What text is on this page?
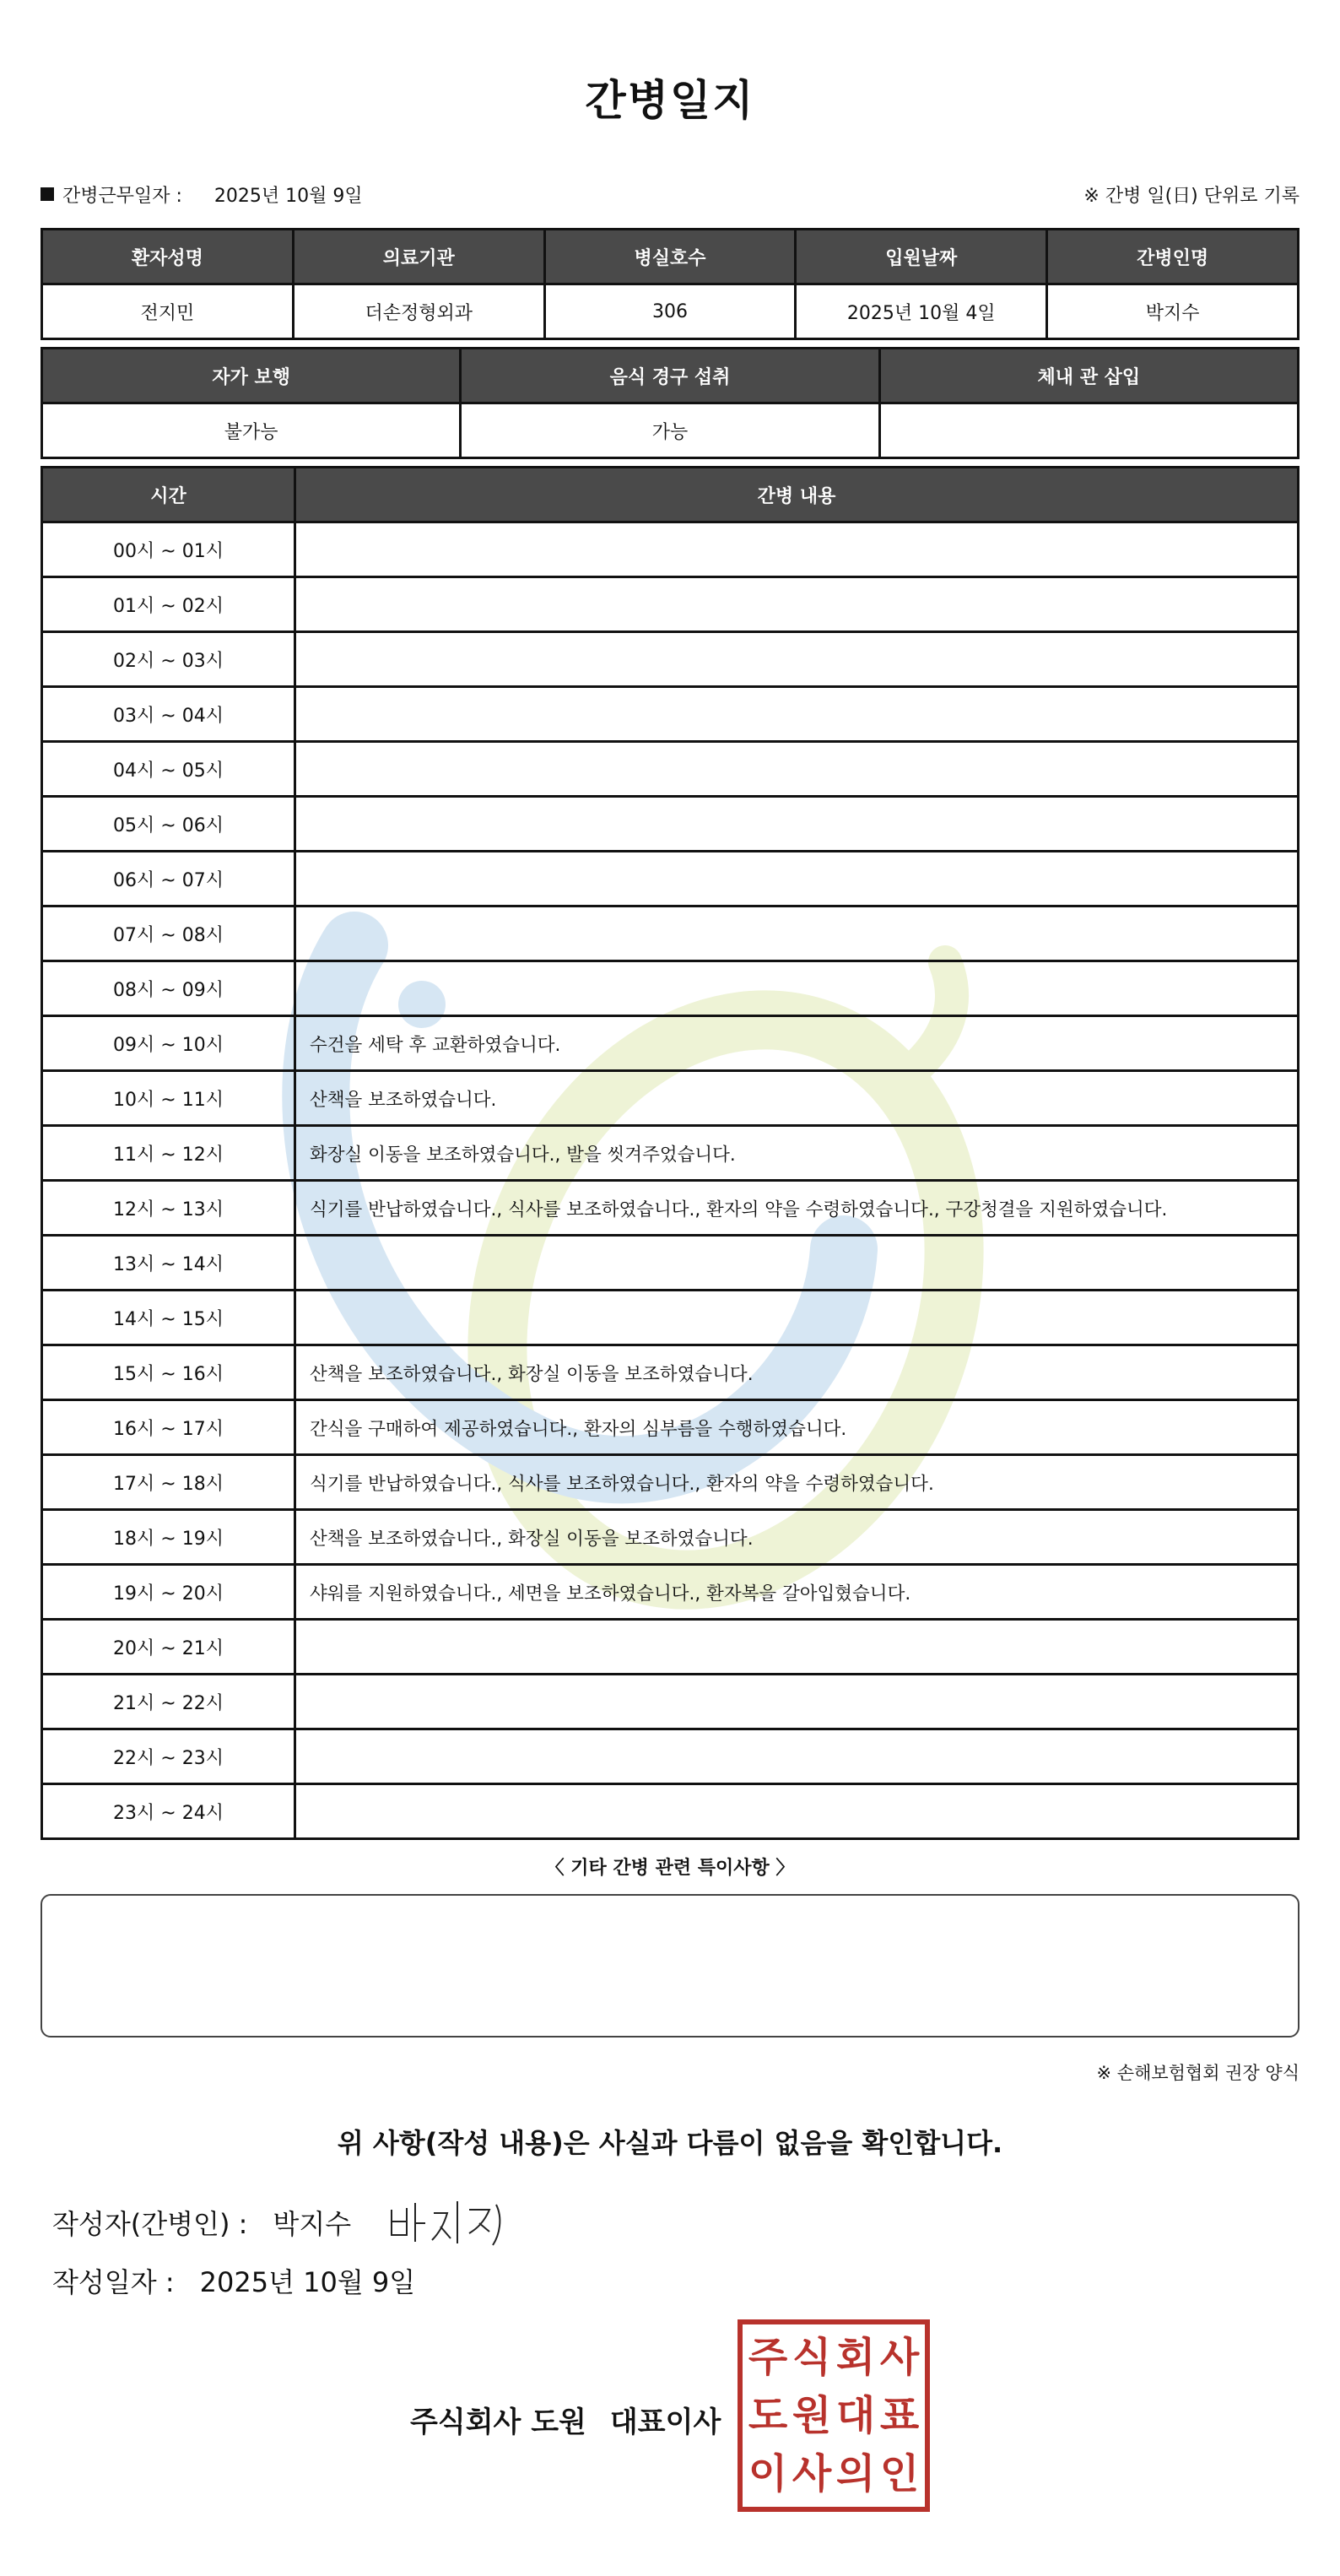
간병일지
간병근무일자 : 2025년 10월 9일	※ 간병 일(日) 단위로 기록
환자성명	의료기관	병실호수	입원날짜	간병인명
전지민	더손정형외과	306	2025년 10월 4일	박지수
자가 보행	음식 경구 섭취	체내 관 삽입
불가능	가능	
시간	간병 내용
00시 ~ 01시	
01시 ~ 02시	
02시 ~ 03시	
03시 ~ 04시	
04시 ~ 05시	
05시 ~ 06시	
06시 ~ 07시	
07시 ~ 08시	
08시 ~ 09시	
09시 ~ 10시	수건을 세탁 후 교환하였습니다.
10시 ~ 11시	산책을 보조하였습니다.
11시 ~ 12시	화장실 이동을 보조하였습니다., 발을 씻겨주었습니다.
12시 ~ 13시	식기를 반납하였습니다., 식사를 보조하였습니다., 환자의 약을 수령하였습니다., 구강청결을 지원하였습니다.
13시 ~ 14시	
14시 ~ 15시	
15시 ~ 16시	산책을 보조하였습니다., 화장실 이동을 보조하였습니다.
16시 ~ 17시	간식을 구매하여 제공하였습니다., 환자의 심부름을 수행하였습니다.
17시 ~ 18시	식기를 반납하였습니다., 식사를 보조하였습니다., 환자의 약을 수령하였습니다.
18시 ~ 19시	산책을 보조하였습니다., 화장실 이동을 보조하였습니다.
19시 ~ 20시	샤워를 지원하였습니다., 세면을 보조하였습니다., 환자복을 갈아입혔습니다.
20시 ~ 21시	
21시 ~ 22시	
22시 ~ 23시	
23시 ~ 24시	
〈 기타 간병 관련 특이사항 〉
※ 손해보험협회 권장 양식
위 사항(작성 내용)은 사실과 다름이 없음을 확인합니다.
작성자(간병인) : 박지수
작성일자 : 2025년 10월 9일
주식회사 도원 대표이사
주 식 회 사
도 원 대 표
이 사 의 인
